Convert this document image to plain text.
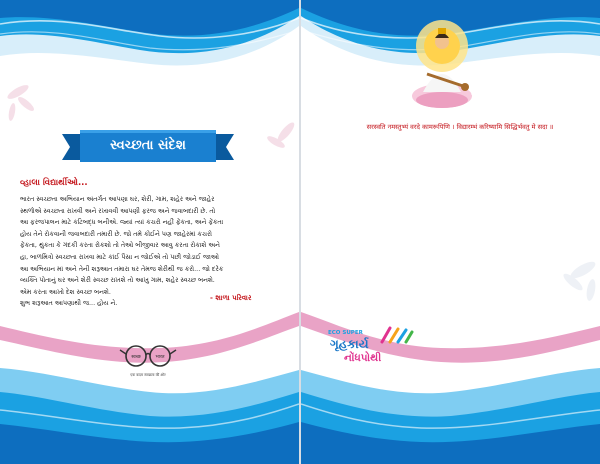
સ્વચ્છતા સંદેશ
વ્હાલા વિદ્યાર્થીઓ...

ભારત સ્વચ્છતા અભિયાન અંતર્ગત આપણા ઘર, શેરી, ગામ, શહેર અને જાહેર

સ્થળોએ સ્વચ્છતા રાખવી અને રખાવવી આપણી ફરજ અને જવાબદારી છે. તો

આ ફરજપાલન માટે કટિબદ્ધ બનીએ. જ્યાં ત્યાં કચરો નહીં ફેંકતા, અને ફેંકતા

હોય તેને રોકવાની જવાબદારી તમારી છે. જો તમે કોઈને પણ જાહેરમાં કચરો

ફેંકતા, થુંકતા કે ગંદકી કરતા રોકશો તો તેઓ બીજીવાર આવુ કરતા રોકાશે અને

હા, બાળમિત્રો સ્વચ્છતા રાખવા માટે કાંઈ પૈસા ન જોઈએ તો પછી જોડાઈ જાઓ

આ અભિયાન માં અને તેની શરૂઆત તમારા ઘર તેમજ શેરીથી જ કરો... જો દરેક

વ્યક્તિ પોતાનું ઘર અને શેરી સ્વચ્છ રાખશે તો આખુ ગામ, શહેર સ્વચ્છ બનશે.

એમ કરતા આખો દેશ સ્વચ્છ બનશે.

શુભ શરૂઆત આપણાથી જ... હોય ને.

- શાળા પરિવાર
स्वच्छ	भारत
एक कदम स्वच्छता की ओर
सरस्वति नमस्तुभ्यं वरदे कामरूपिणि । विद्यारम्भं करिष्यामि सिद्धिर्भवतु मे सदा ॥
ECO SUPER
ગૃહકાર્ય
નોંધપોથી
